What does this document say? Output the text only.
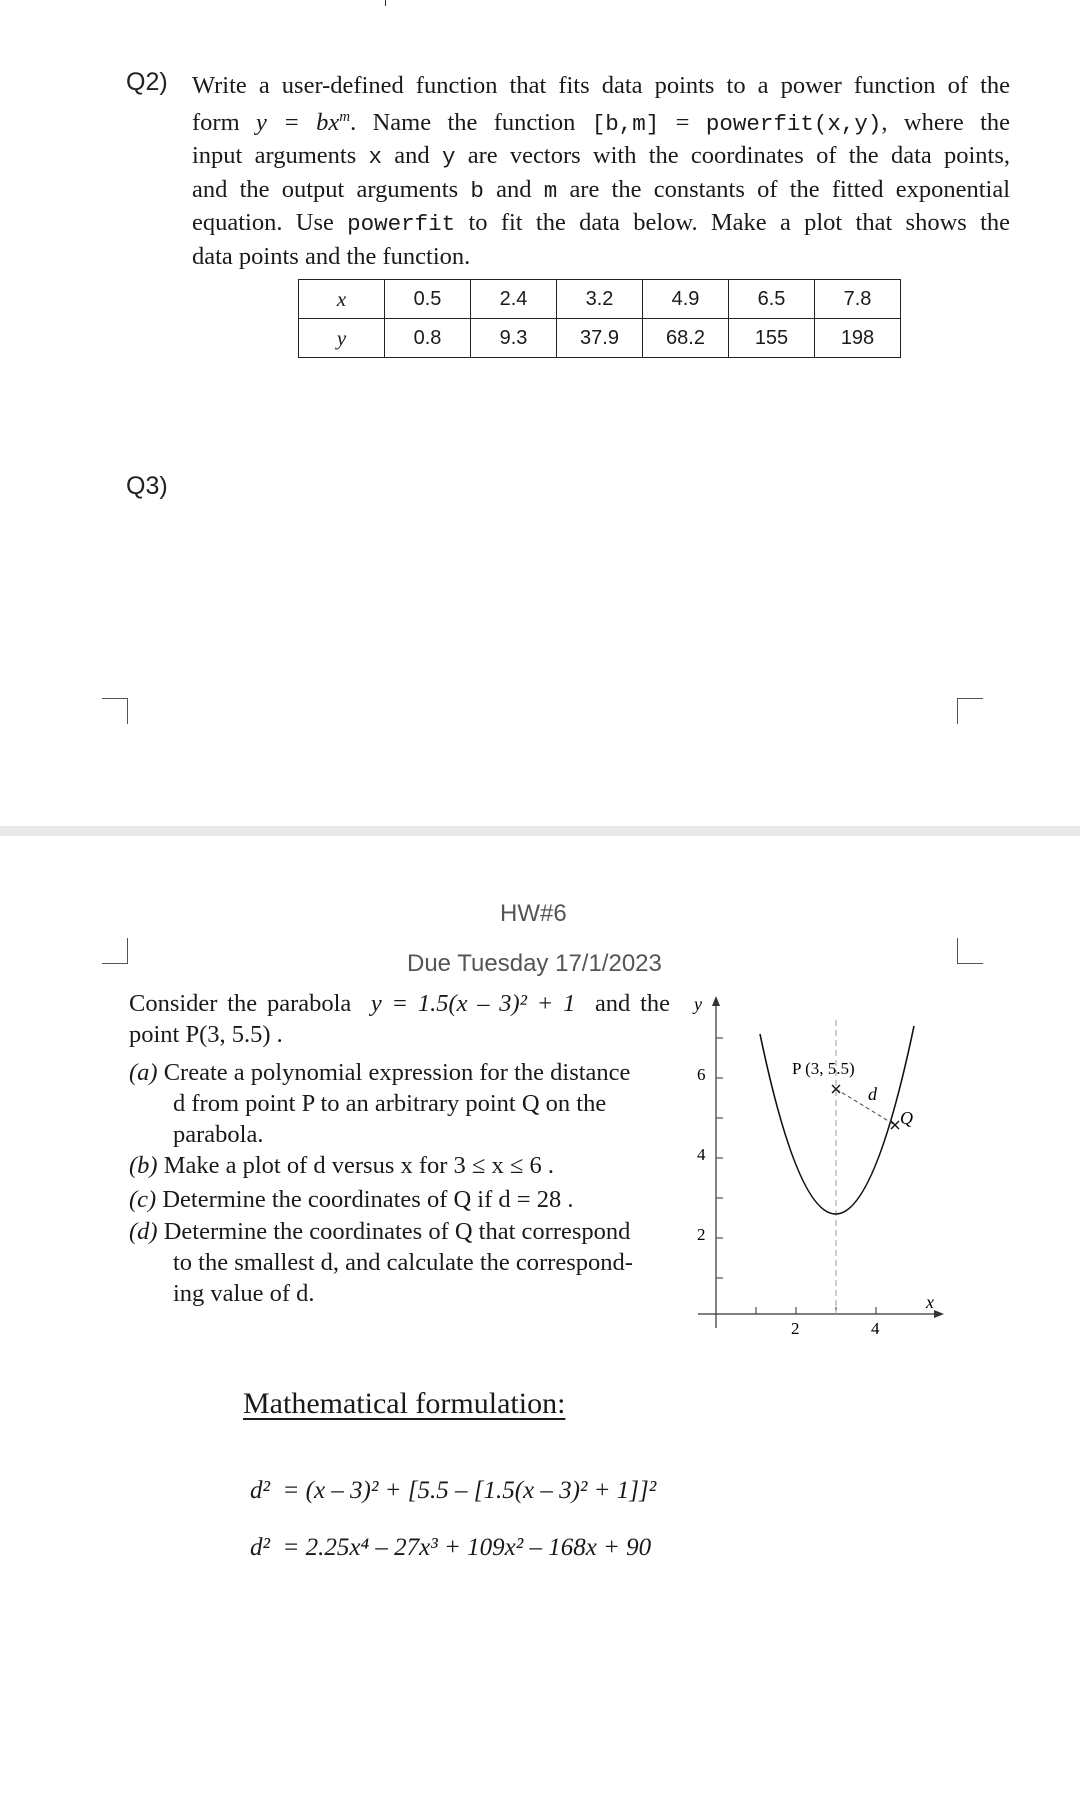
Q2) Write a user-defined function that fits data points to a power function of the
form $y = bx^m$. Name the function [b,m] = powerfit(x,y), where the
input arguments x and y are vectors with the coordinates of the data points,
and the output arguments b and m are the constants of the fitted exponential
equation. Use powerfit to fit the data below. Make a plot that shows the
data points and the function.
x	0.5	2.4	3.2	4.9	6.5	7.8
y	0.8	9.3	37.9	68.2	155	198
Q3)
HW#6
Due Tuesday 17/1/2023
Consider the parabola y = 1.5(x – 3)² + 1 and the
point P(3, 5.5) .
(a) Create a polynomial expression for the distance
d from point P to an arbitrary point Q on the
parabola.
(b) Make a plot of d versus x for 3 ≤ x ≤ 6 .
(c) Determine the coordinates of Q if d = 28 .
(d) Determine the coordinates of Q that correspond
to the smallest d, and calculate the correspond-
ing value of d.
y
x
2
4
6
2	4
P (3, 5.5)
d
Q
Mathematical formulation:
d² = (x – 3)² + [5.5 – [1.5(x – 3)² + 1]]²
d² = 2.25x⁴ – 27x³ + 109x² – 168x + 90
